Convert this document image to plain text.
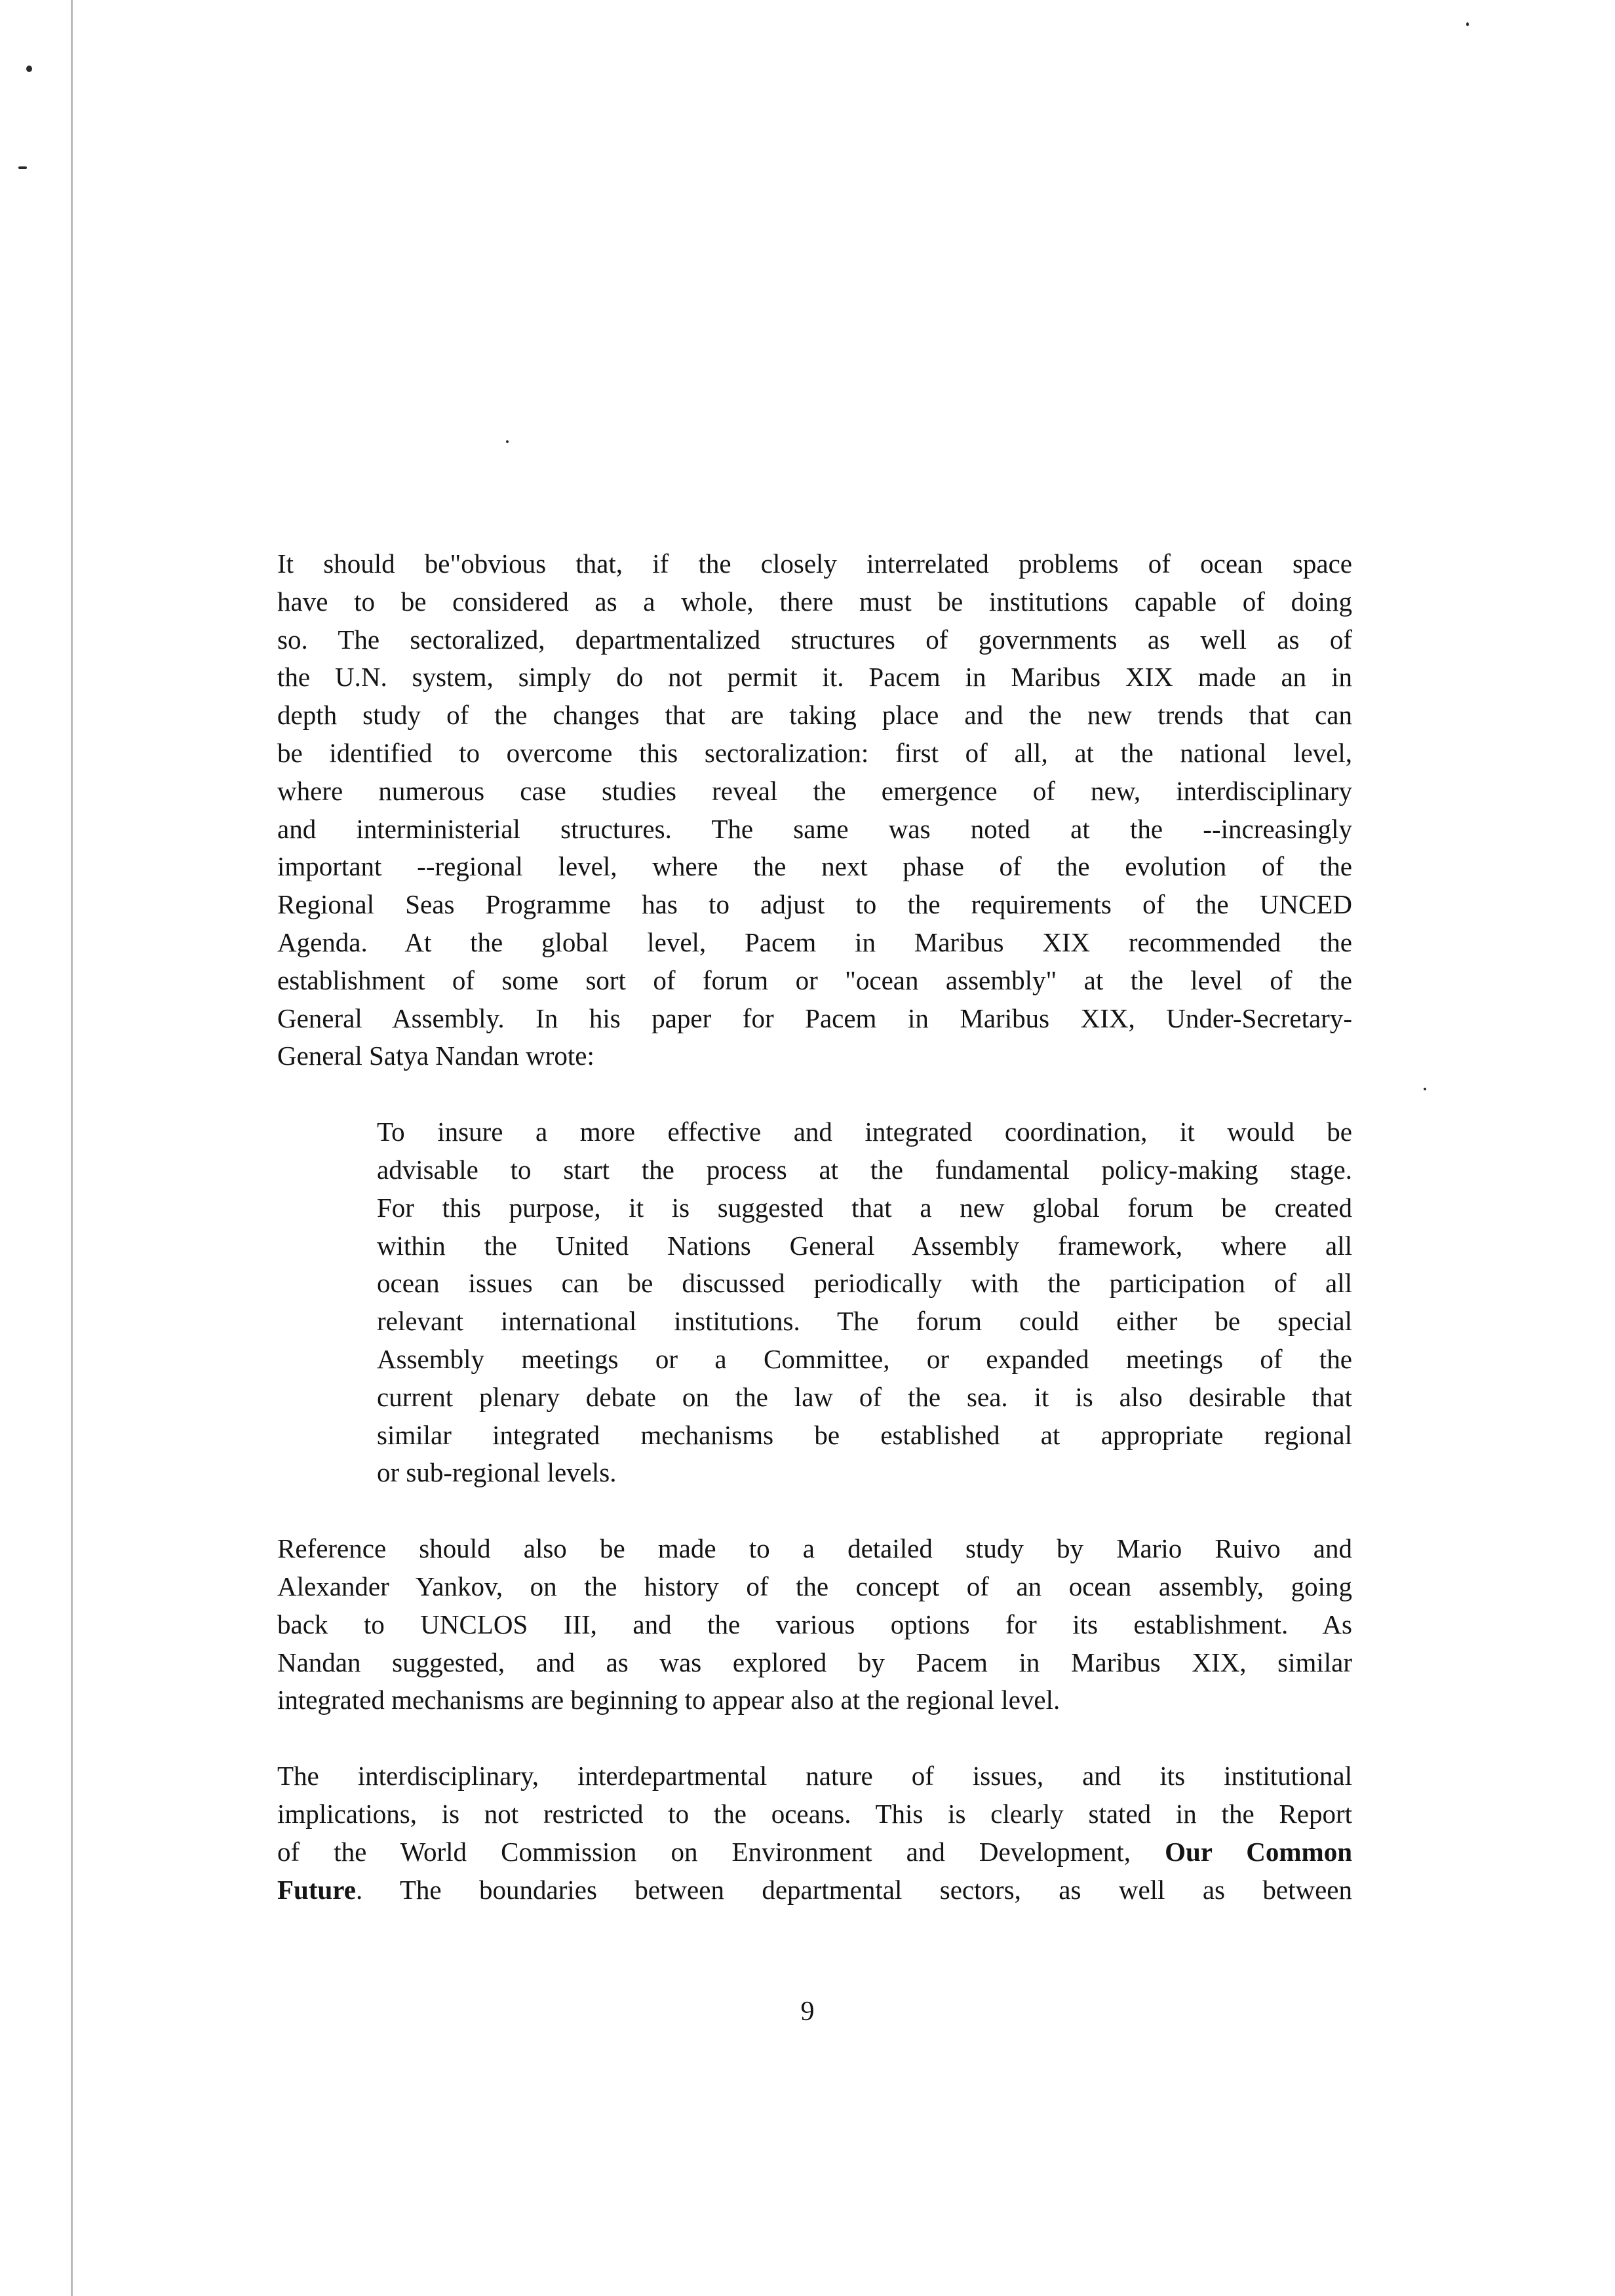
It should be"obvious that, if the closely interrelated problems of ocean space
have to be considered as a whole, there must be institutions capable of doing
so. The sectoralized, departmentalized structures of governments as well as of
the U.N. system, simply do not permit it. Pacem in Maribus XIX made an in
depth study of the changes that are taking place and the new trends that can
be identified to overcome this sectoralization: first of all, at the national level,
where numerous case studies reveal the emergence of new, interdisciplinary
and interministerial structures. The same was noted at the --increasingly
important --regional level, where the next phase of the evolution of the
Regional Seas Programme has to adjust to the requirements of the UNCED
Agenda. At the global level, Pacem in Maribus XIX recommended the
establishment of some sort of forum or "ocean assembly" at the level of the
General Assembly. In his paper for Pacem in Maribus XIX, Under-Secretary-
General Satya Nandan wrote:
To insure a more effective and integrated coordination, it would be
advisable to start the process at the fundamental policy-making stage.
For this purpose, it is suggested that a new global forum be created
within the United Nations General Assembly framework, where all
ocean issues can be discussed periodically with the participation of all
relevant international institutions. The forum could either be special
Assembly meetings or a Committee, or expanded meetings of the
current plenary debate on the law of the sea. it is also desirable that
similar integrated mechanisms be established at appropriate regional
or sub-regional levels.
Reference should also be made to a detailed study by Mario Ruivo and
Alexander Yankov, on the history of the concept of an ocean assembly, going
back to UNCLOS III, and the various options for its establishment. As
Nandan suggested, and as was explored by Pacem in Maribus XIX, similar
integrated mechanisms are beginning to appear also at the regional level.
The interdisciplinary, interdepartmental nature of issues, and its institutional
implications, is not restricted to the oceans. This is clearly stated in the Report
of the World Commission on Environment and Development, Our Common
Future. The boundaries between departmental sectors, as well as between
9
